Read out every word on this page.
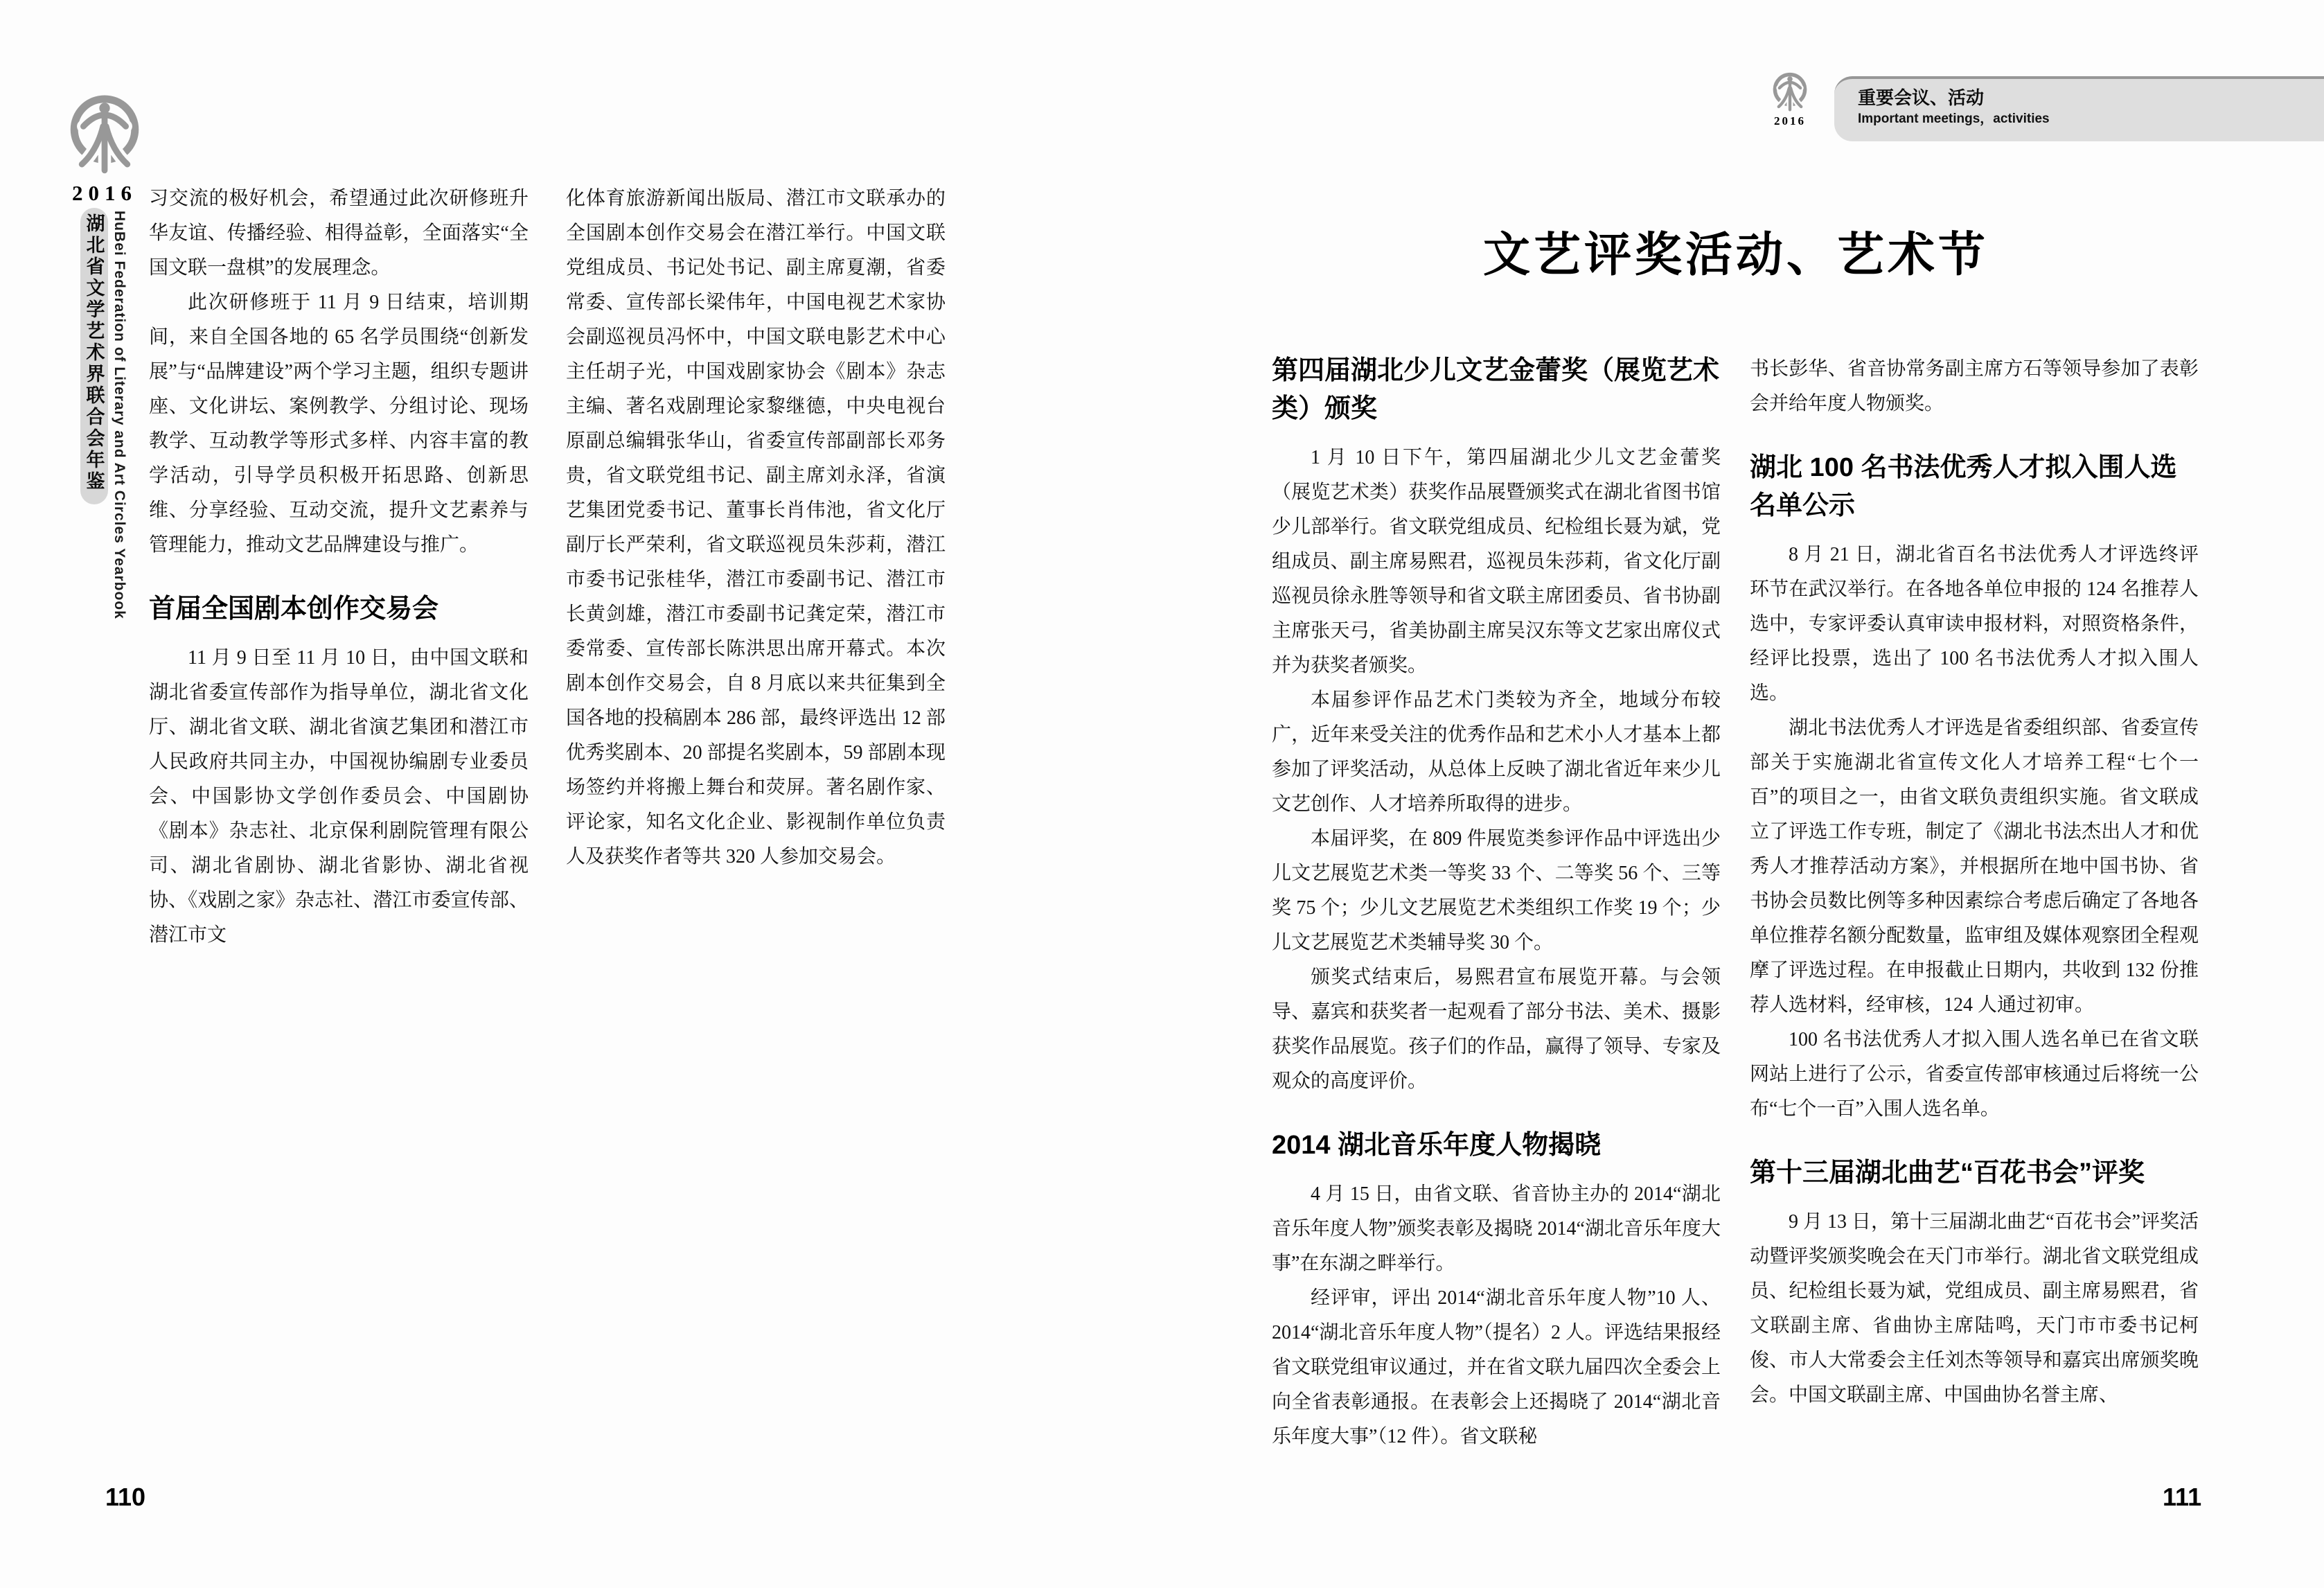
2016
湖北省文学艺术界联合会年鉴 HuBei Federation of Literary and Art Circles Yearbook

习交流的极好机会，希望通过此次研修班升华友谊、传播经验、相得益彰，全面落实“全国文联一盘棋”的发展理念。

此次研修班于 11 月 9 日结束，培训期间，来自全国各地的 65 名学员围绕“创新发展”与“品牌建设”两个学习主题，组织专题讲座、文化讲坛、案例教学、分组讨论、现场教学、互动教学等形式多样、内容丰富的教学活动，引导学员积极开拓思路、创新思维、分享经验、互动交流，提升文艺素养与管理能力，推动文艺品牌建设与推广。

首届全国剧本创作交易会

11 月 9 日至 11 月 10 日，由中国文联和湖北省委宣传部作为指导单位，湖北省文化厅、湖北省文联、湖北省演艺集团和潜江市人民政府共同主办，中国视协编剧专业委员会、中国影协文学创作委员会、中国剧协《剧本》杂志社、北京保利剧院管理有限公司、湖北省剧协、湖北省影协、湖北省视协、《戏剧之家》杂志社、潜江市委宣传部、潜江市文

化体育旅游新闻出版局、潜江市文联承办的全国剧本创作交易会在潜江举行。中国文联党组成员、书记处书记、副主席夏潮，省委常委、宣传部长梁伟年，中国电视艺术家协会副巡视员冯怀中，中国文联电影艺术中心主任胡子光，中国戏剧家协会《剧本》杂志主编、著名戏剧理论家黎继德，中央电视台原副总编辑张华山，省委宣传部副部长邓务贵，省文联党组书记、副主席刘永泽，省演艺集团党委书记、董事长肖伟池，省文化厅副厅长严荣利，省文联巡视员朱莎莉，潜江市委书记张桂华，潜江市委副书记、潜江市长黄剑雄，潜江市委副书记龚定荣，潜江市委常委、宣传部长陈洪思出席开幕式。本次剧本创作交易会，自 8 月底以来共征集到全国各地的投稿剧本 286 部，最终评选出 12 部优秀奖剧本、20 部提名奖剧本，59 部剧本现场签约并将搬上舞台和荧屏。著名剧作家、评论家，知名文化企业、影视制作单位负责人及获奖作者等共 320 人参加交易会。

110
2016
重要会议、活动
Important meetings，activities
文艺评奖活动、艺术节
第四届湖北少儿文艺金蕾奖（展览艺术类）颁奖

1 月 10 日下午，第四届湖北少儿文艺金蕾奖（展览艺术类）获奖作品展暨颁奖式在湖北省图书馆少儿部举行。省文联党组成员、纪检组长聂为斌，党组成员、副主席易熙君，巡视员朱莎莉，省文化厅副巡视员徐永胜等领导和省文联主席团委员、省书协副主席张天弓，省美协副主席吴汉东等文艺家出席仪式并为获奖者颁奖。

本届参评作品艺术门类较为齐全，地域分布较广，近年来受关注的优秀作品和艺术小人才基本上都参加了评奖活动，从总体上反映了湖北省近年来少儿文艺创作、人才培养所取得的进步。

本届评奖，在 809 件展览类参评作品中评选出少儿文艺展览艺术类一等奖 33 个、二等奖 56 个、三等奖 75 个；少儿文艺展览艺术类组织工作奖 19 个；少儿文艺展览艺术类辅导奖 30 个。

颁奖式结束后，易熙君宣布展览开幕。与会领导、嘉宾和获奖者一起观看了部分书法、美术、摄影获奖作品展览。孩子们的作品，赢得了领导、专家及观众的高度评价。

2014 湖北音乐年度人物揭晓

4 月 15 日，由省文联、省音协主办的 2014“湖北音乐年度人物”颁奖表彰及揭晓 2014“湖北音乐年度大事”在东湖之畔举行。

经评审，评出 2014“湖北音乐年度人物”10 人、2014“湖北音乐年度人物”（提名）2 人。评选结果报经省文联党组审议通过，并在省文联九届四次全委会上向全省表彰通报。在表彰会上还揭晓了 2014“湖北音乐年度大事”（12 件）。省文联秘

书长彭华、省音协常务副主席方石等领导参加了表彰会并给年度人物颁奖。

湖北 100 名书法优秀人才拟入围人选名单公示

8 月 21 日，湖北省百名书法优秀人才评选终评环节在武汉举行。在各地各单位申报的 124 名推荐人选中，专家评委认真审读申报材料，对照资格条件，经评比投票，选出了 100 名书法优秀人才拟入围人选。

湖北书法优秀人才评选是省委组织部、省委宣传部关于实施湖北省宣传文化人才培养工程“七个一百”的项目之一，由省文联负责组织实施。省文联成立了评选工作专班，制定了《湖北书法杰出人才和优秀人才推荐活动方案》，并根据所在地中国书协、省书协会员数比例等多种因素综合考虑后确定了各地各单位推荐名额分配数量，监审组及媒体观察团全程观摩了评选过程。在申报截止日期内，共收到 132 份推荐人选材料，经审核，124 人通过初审。

100 名书法优秀人才拟入围人选名单已在省文联网站上进行了公示，省委宣传部审核通过后将统一公布“七个一百”入围人选名单。

第十三届湖北曲艺“百花书会”评奖

9 月 13 日，第十三届湖北曲艺“百花书会”评奖活动暨评奖颁奖晚会在天门市举行。湖北省文联党组成员、纪检组长聂为斌，党组成员、副主席易熙君，省文联副主席、省曲协主席陆鸣，天门市市委书记柯俊、市人大常委会主任刘杰等领导和嘉宾出席颁奖晚会。中国文联副主席、中国曲协名誉主席、

111
